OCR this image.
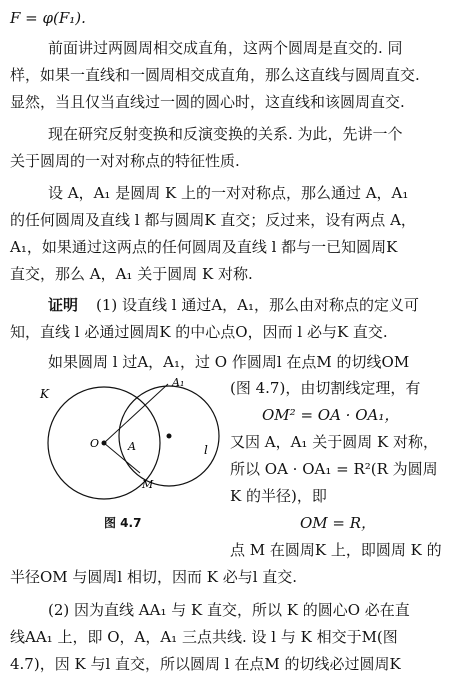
F = φ(F₁).
前面讲过两圆周相交成直角，这两个圆周是直交的. 同
样，如果一直线和一圆周相交成直角，那么这直线与圆周直交.
显然，当且仅当直线过一圆的圆心时，这直线和该圆周直交.
现在研究反射变换和反演变换的关系. 为此，先讲一个
关于圆周的一对对称点的特征性质.
设 A，A₁ 是圆周 K 上的一对对称点，那么通过 A，A₁
的任何圆周及直线 l 都与圆周K 直交；反过来，设有两点 A，
A₁，如果通过这两点的任何圆周及直线 l 都与一已知圆周K
直交，那么 A，A₁ 关于圆周 K 对称.
证明 (1) 设直线 l 通过A，A₁，那么由对称点的定义可
知，直线 l 必通过圆周K 的中心点O，因而 l 必与K 直交.
如果圆周 l 过A，A₁，过 O 作圆周l 在点M 的切线OM
(图 4.7)，由切割线定理，有
OM² = OA · OA₁，
又因 A，A₁ 关于圆周 K 对称，
所以 OA · OA₁ = R²(R 为圆周
K 的半径)，即
OM = R，
点 M 在圆周K 上，即圆周 K 的
半径OM 与圆周l 相切，因而 K 必与l 直交.
(2) 因为直线 AA₁ 与 K 直交，所以 K 的圆心O 必在直
线AA₁ 上，即 O，A，A₁ 三点共线. 设 l 与 K 相交于M(图
4.7)，因 K 与l 直交，所以圆周 l 在点M 的切线必过圆周K
K
O	A
A₁
M
l
图 4.7
